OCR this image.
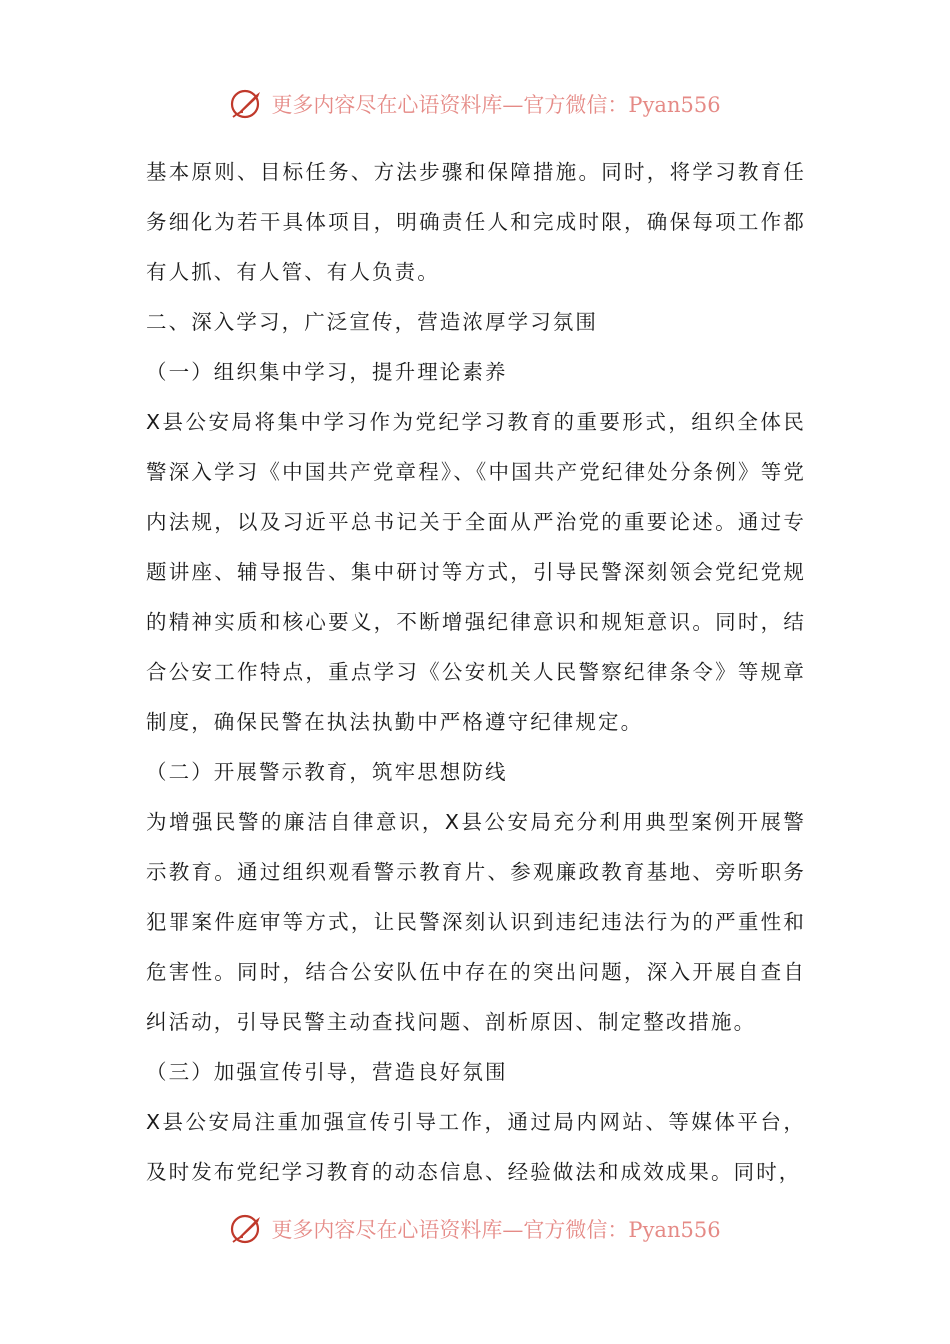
更多内容尽在心语资料库—官方微信：Pyan556

基本原则、目标任务、方法步骤和保障措施。同时，将学习教育任务细化为若干具体项目，明确责任人和完成时限，确保每项工作都有人抓、有人管、有人负责。

二、深入学习，广泛宣传，营造浓厚学习氛围

（一）组织集中学习，提升理论素养

X县公安局将集中学习作为党纪学习教育的重要形式，组织全体民警深入学习《中国共产党章程》、《中国共产党纪律处分条例》等党内法规，以及习近平总书记关于全面从严治党的重要论述。通过专题讲座、辅导报告、集中研讨等方式，引导民警深刻领会党纪党规的精神实质和核心要义，不断增强纪律意识和规矩意识。同时，结合公安工作特点，重点学习《公安机关人民警察纪律条令》等规章制度，确保民警在执法执勤中严格遵守纪律规定。

（二）开展警示教育，筑牢思想防线

为增强民警的廉洁自律意识，X县公安局充分利用典型案例开展警示教育。通过组织观看警示教育片、参观廉政教育基地、旁听职务犯罪案件庭审等方式，让民警深刻认识到违纪违法行为的严重性和危害性。同时，结合公安队伍中存在的突出问题，深入开展自查自纠活动，引导民警主动查找问题、剖析原因、制定整改措施。

（三）加强宣传引导，营造良好氛围

X县公安局注重加强宣传引导工作，通过局内网站、等媒体平台，及时发布党纪学习教育的动态信息、经验做法和成效成果。同时，

更多内容尽在心语资料库—官方微信：Pyan556
